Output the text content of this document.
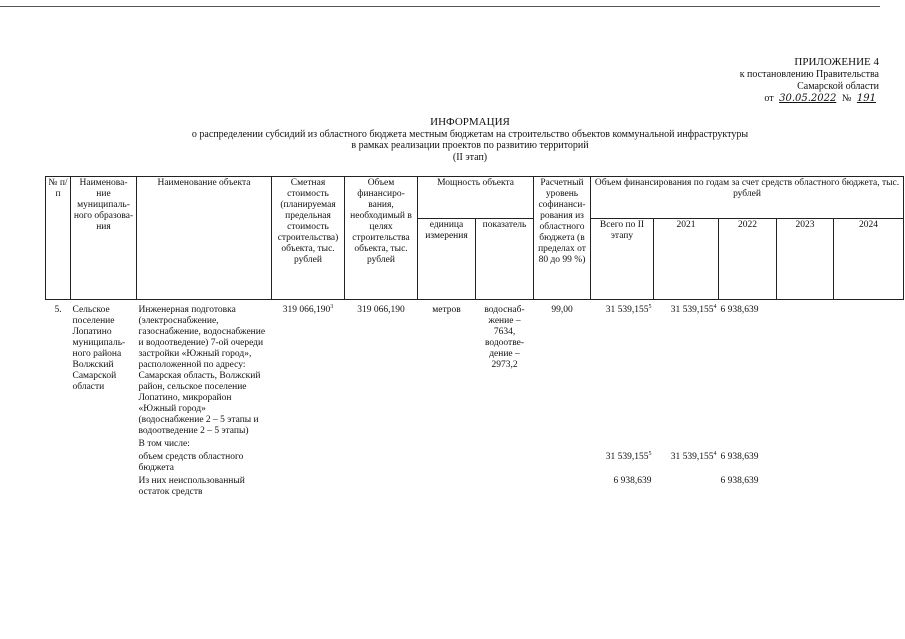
ПРИЛОЖЕНИЕ 4
к постановлению Правительства
Самарской области
от 30.05.2022 № 191
ИНФОРМАЦИЯ
о распределении субсидий из областного бюджета местным бюджетам на строительство объектов коммунальной инфраструктуры
в рамках реализации проектов по развитию территорий
(II этап)
№ п/п	Наименова-ние муниципаль-ного образова-ния	Наименование объекта	Сметная стоимость (планируемая предельная стоимость строительства) объекта, тыс. рублей	Объем финансиро-вания, необходимый в целях строительства объекта, тыс. рублей	Мощность объекта		Расчетный уровень софинанси-рования из областного бюджета (в пределах от 80 до 99 %)	Объем финансирования по годам за счет средств областного бюджета, тыс. рублей				
					единица измерения	показатель		Всего по II этапу	2021	2022	2023	2024
5.	Сельское поселение Лопатино муниципаль-ного района Волжский Самарской области	Инженерная подготовка (электроснабжение, газоснабжение, водоснабжение и водоотведение) 7-ой очереди застройки «Южный город», расположенной по адресу: Самарская область, Волжский район, сельское поселение Лопатино, микрорайон «Южный город» (водоснабжение 2 – 5 этапы и водоотведение 2 – 5 этапы)	319 066,190$^3$	319 066,190	метров	водоснаб-жение – 7634, водоотве-дение – 2973,2	99,00	31 539,155$^5$	31 539,155$^4$	6 938,639		
		В том числе:										
		объем средств областного бюджета						31 539,155$^5$	31 539,155$^4$	6 938,639		
		Из них неиспользованный остаток средств						6 938,639		6 938,639		
